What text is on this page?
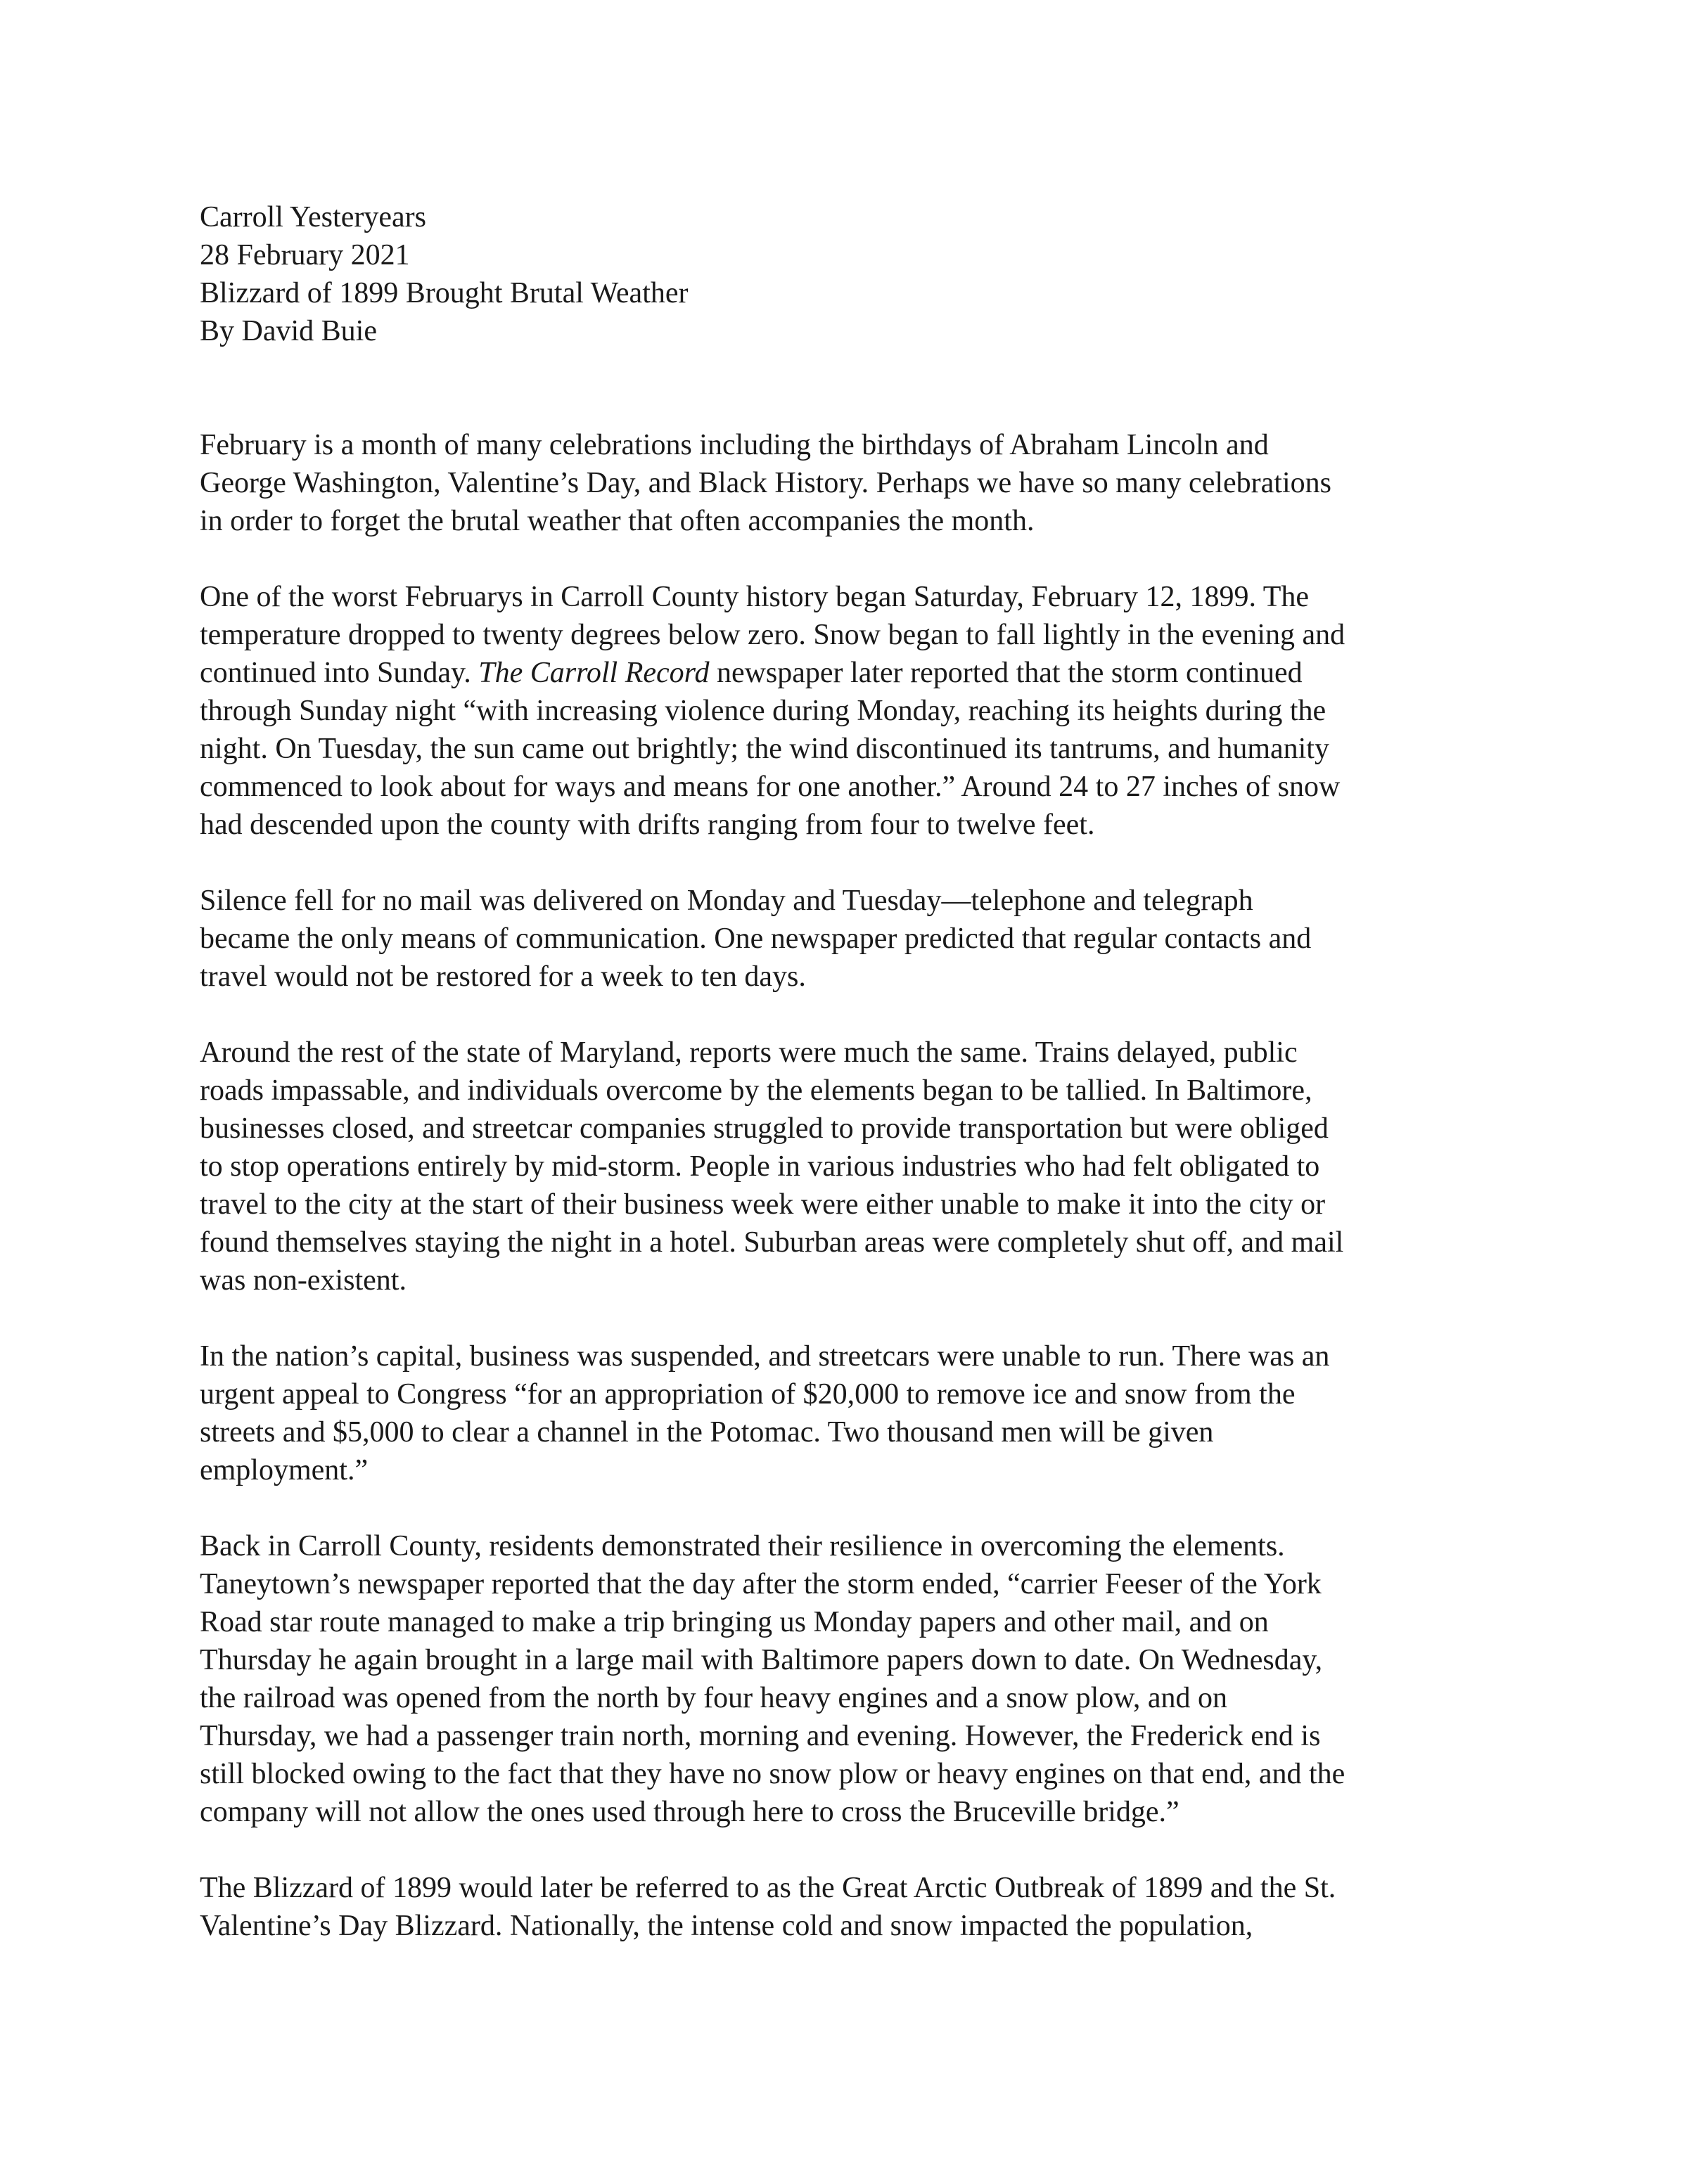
Carroll Yesteryears
28 February 2021
Blizzard of 1899 Brought Brutal Weather
By David Buie

February is a month of many celebrations including the birthdays of Abraham Lincoln and
George Washington, Valentine’s Day, and Black History. Perhaps we have so many celebrations
in order to forget the brutal weather that often accompanies the month.

One of the worst Februarys in Carroll County history began Saturday, February 12, 1899. The
temperature dropped to twenty degrees below zero. Snow began to fall lightly in the evening and
continued into Sunday. The Carroll Record newspaper later reported that the storm continued
through Sunday night “with increasing violence during Monday, reaching its heights during the
night. On Tuesday, the sun came out brightly; the wind discontinued its tantrums, and humanity
commenced to look about for ways and means for one another.” Around 24 to 27 inches of snow
had descended upon the county with drifts ranging from four to twelve feet.

Silence fell for no mail was delivered on Monday and Tuesday—telephone and telegraph
became the only means of communication. One newspaper predicted that regular contacts and
travel would not be restored for a week to ten days.

Around the rest of the state of Maryland, reports were much the same. Trains delayed, public
roads impassable, and individuals overcome by the elements began to be tallied. In Baltimore,
businesses closed, and streetcar companies struggled to provide transportation but were obliged
to stop operations entirely by mid-storm. People in various industries who had felt obligated to
travel to the city at the start of their business week were either unable to make it into the city or
found themselves staying the night in a hotel. Suburban areas were completely shut off, and mail
was non-existent.

In the nation’s capital, business was suspended, and streetcars were unable to run. There was an
urgent appeal to Congress “for an appropriation of $20,000 to remove ice and snow from the
streets and $5,000 to clear a channel in the Potomac. Two thousand men will be given
employment.”

Back in Carroll County, residents demonstrated their resilience in overcoming the elements.
Taneytown’s newspaper reported that the day after the storm ended, “carrier Feeser of the York
Road star route managed to make a trip bringing us Monday papers and other mail, and on
Thursday he again brought in a large mail with Baltimore papers down to date. On Wednesday,
the railroad was opened from the north by four heavy engines and a snow plow, and on
Thursday, we had a passenger train north, morning and evening. However, the Frederick end is
still blocked owing to the fact that they have no snow plow or heavy engines on that end, and the
company will not allow the ones used through here to cross the Bruceville bridge.”

The Blizzard of 1899 would later be referred to as the Great Arctic Outbreak of 1899 and the St.
Valentine’s Day Blizzard. Nationally, the intense cold and snow impacted the population,
